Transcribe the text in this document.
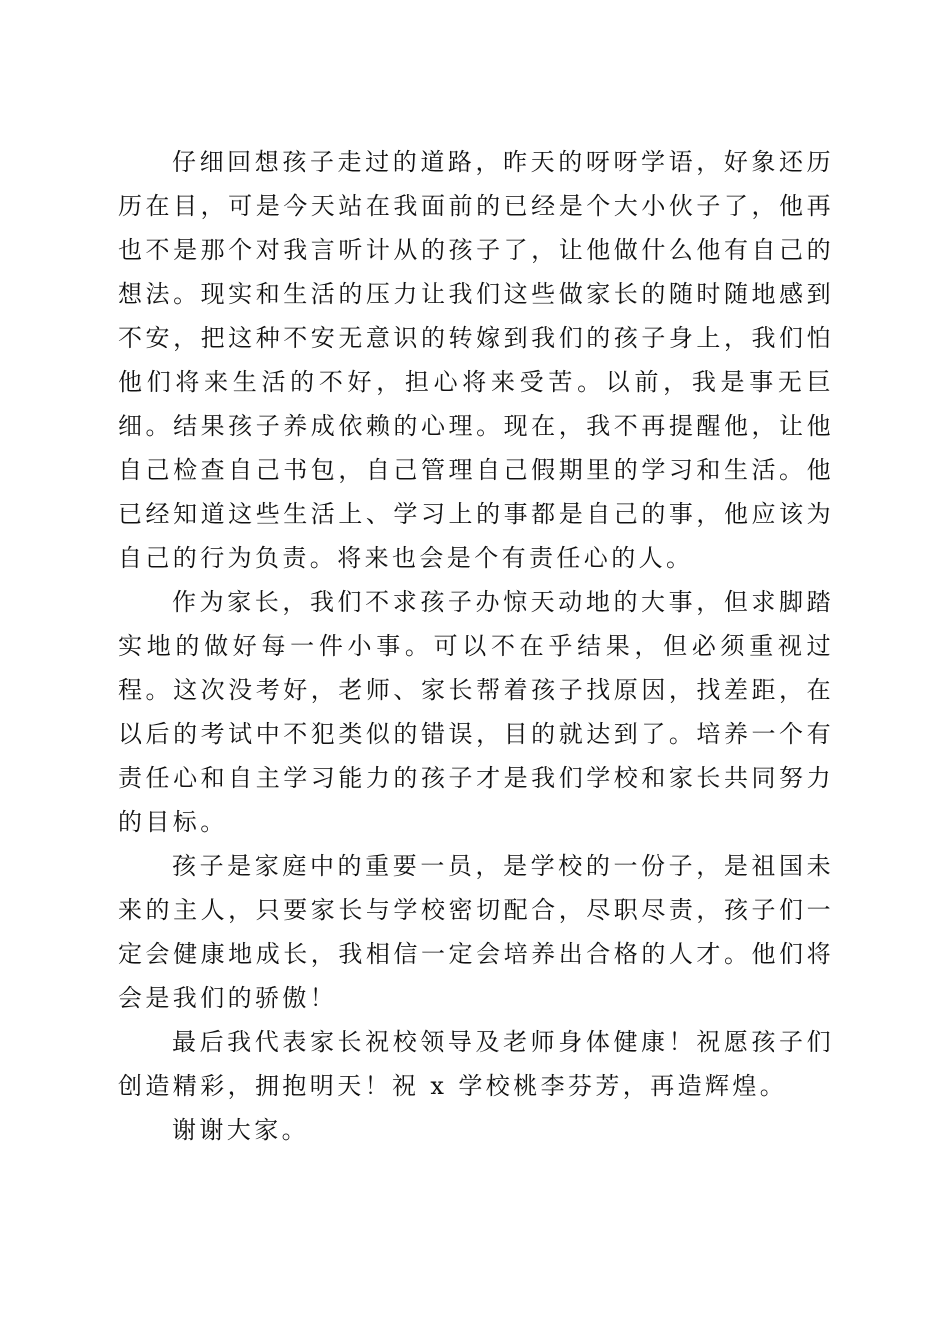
仔细回想孩子走过的道路，昨天的呀呀学语，好象还历历在目，可是今天站在我面前的已经是个大小伙子了，他再也不是那个对我言听计从的孩子了，让他做什么他有自己的想法。现实和生活的压力让我们这些做家长的随时随地感到不安，把这种不安无意识的转嫁到我们的孩子身上，我们怕他们将来生活的不好，担心将来受苦。以前，我是事无巨细。结果孩子养成依赖的心理。现在，我不再提醒他，让他自己检查自己书包，自己管理自己假期里的学习和生活。他已经知道这些生活上、学习上的事都是自己的事，他应该为自己的行为负责。将来也会是个有责任心的人。

作为家长，我们不求孩子办惊天动地的大事，但求脚踏实地的做好每一件小事。可以不在乎结果，但必须重视过程。这次没考好，老师、家长帮着孩子找原因，找差距，在以后的考试中不犯类似的错误，目的就达到了。培养一个有责任心和自主学习能力的孩子才是我们学校和家长共同努力的目标。

孩子是家庭中的重要一员，是学校的一份子，是祖国未来的主人，只要家长与学校密切配合，尽职尽责，孩子们一定会健康地成长，我相信一定会培养出合格的人才。他们将会是我们的骄傲！

最后我代表家长祝校领导及老师身体健康！祝愿孩子们创造精彩，拥抱明天！祝 x 学校桃李芬芳，再造辉煌。

谢谢大家。
